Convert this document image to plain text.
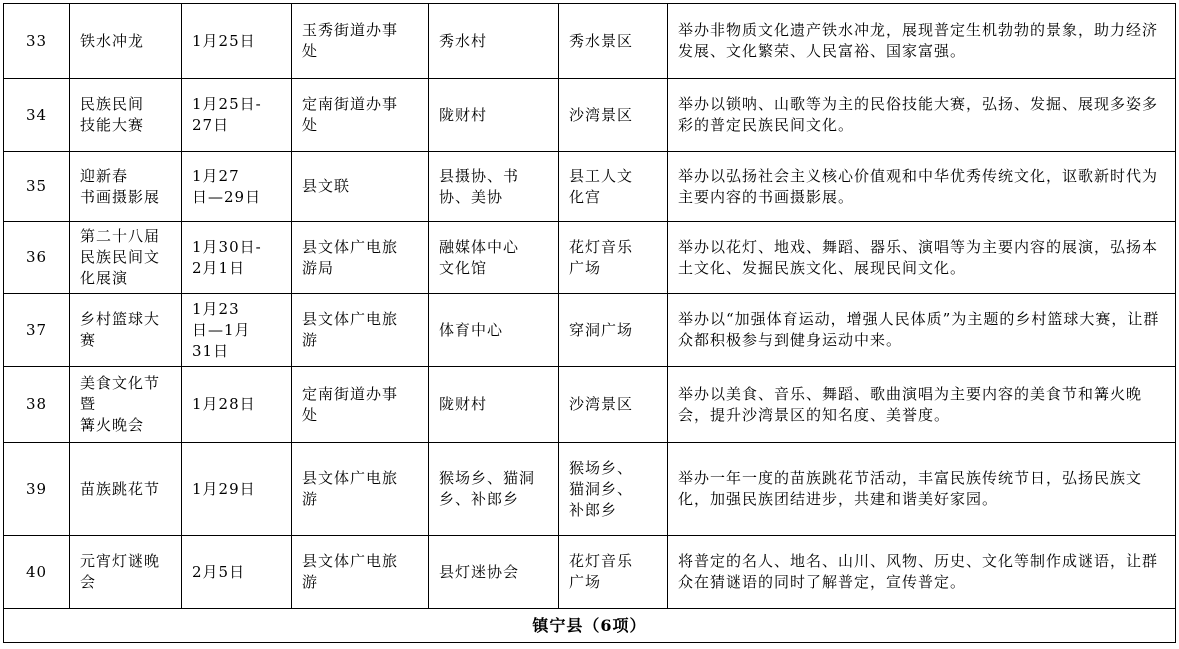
33	铁水冲龙	1月25日	玉秀街道办事
处	秀水村	秀水景区	举办非物质文化遗产铁水冲龙，展现普定生机勃勃的景象，助力经济发展、文化繁荣、人民富裕、国家富强。
34	民族民间
技能大赛	1月25日-
27日	定南街道办事
处	陇财村	沙湾景区	举办以锁呐、山歌等为主的民俗技能大赛，弘扬、发掘、展现多姿多彩的普定民族民间文化。
35	迎新春
书画摄影展	1月27
日—29日	县文联	县摄协、书
协、美协	县工人文
化宫	举办以弘扬社会主义核心价值观和中华优秀传统文化，讴歌新时代为主要内容的书画摄影展。
36	第二十八届
民族民间文
化展演	1月30日-
2月1日	县文体广电旅
游局	融媒体中心
文化馆	花灯音乐
广场	举办以花灯、地戏、舞蹈、器乐、演唱等为主要内容的展演，弘扬本土文化、发掘民族文化、展现民间文化。
37	乡村篮球大
赛	1月23
日—1月
31日	县文体广电旅
游	体育中心	穿洞广场	举办以“加强体育运动，增强人民体质”为主题的乡村篮球大赛，让群众都积极参与到健身运动中来。
38	美食文化节
暨
篝火晚会	1月28日	定南街道办事
处	陇财村	沙湾景区	举办以美食、音乐、舞蹈、歌曲演唱为主要内容的美食节和篝火晚会，提升沙湾景区的知名度、美誉度。
39	苗族跳花节	1月29日	县文体广电旅
游	猴场乡、猫洞
乡、补郎乡	猴场乡、
猫洞乡、
补郎乡	举办一年一度的苗族跳花节活动，丰富民族传统节日，弘扬民族文化，加强民族团结进步，共建和谐美好家园。
40	元宵灯谜晚
会	2月5日	县文体广电旅
游	县灯迷协会	花灯音乐
广场	将普定的名人、地名、山川、风物、历史、文化等制作成谜语，让群众在猜谜语的同时了解普定，宣传普定。
镇宁县（6项）						
